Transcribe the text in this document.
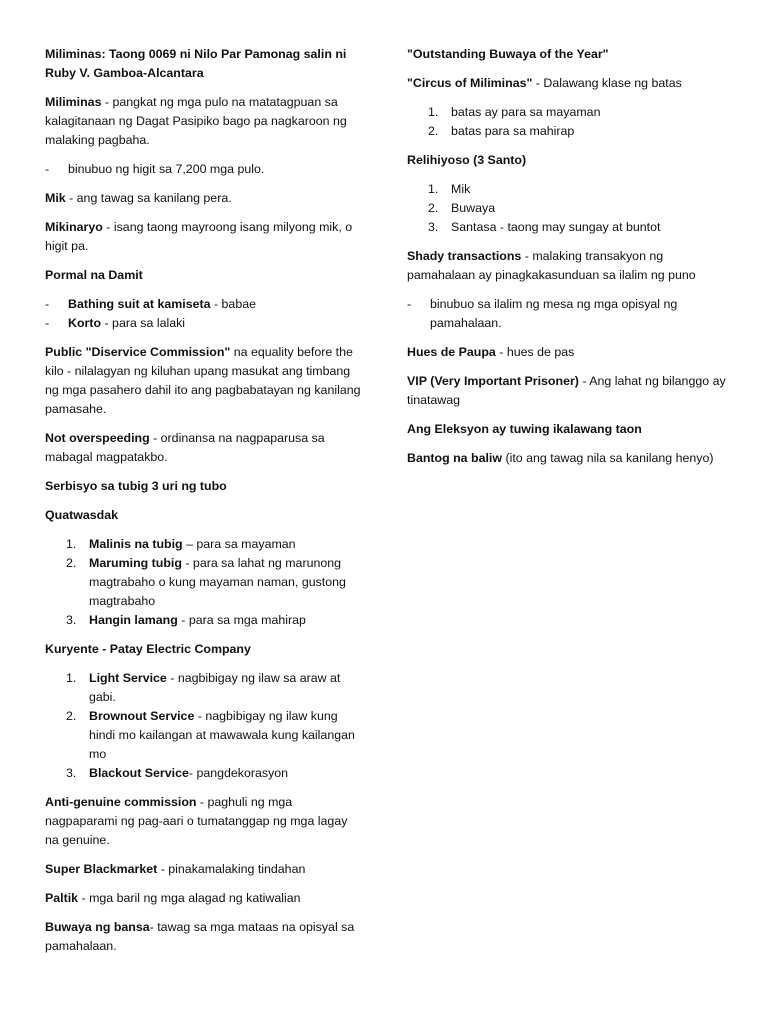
Miliminas: Taong 0069 ni Nilo Par Pamonag salin ni Ruby V. Gamboa-Alcantara

Miliminas - pangkat ng mga pulo na matatagpuan sa kalagitanaan ng Dagat Pasipiko bago pa nagkaroon ng malaking pagbaha.

-	binubuo ng higit sa 7,200 mga pulo.

Mik - ang tawag sa kanilang pera.

Mikinaryo - isang taong mayroong isang milyong mik, o higit pa.

Pormal na Damit

-	Bathing suit at kamiseta - babae
-	Korto - para sa lalaki

Public "Diservice Commission" na equality before the kilo - nilalagyan ng kiluhan upang masukat ang timbang ng mga pasahero dahil ito ang pagbabatayan ng kanilang pamasahe.

Not overspeeding - ordinansa na nagpaparusa sa mabagal magpatakbo.

Serbisyo sa tubig 3 uri ng tubo

Quatwasdak

1.	Malinis na tubig – para sa mayaman
2.	Maruming tubig - para sa lahat ng marunong magtrabaho o kung mayaman naman, gustong magtrabaho
3.	Hangin lamang - para sa mga mahirap

Kuryente - Patay Electric Company

1.	Light Service - nagbibigay ng ilaw sa araw at gabi.
2.	Brownout Service - nagbibigay ng ilaw kung hindi mo kailangan at mawawala kung kailangan mo
3.	Blackout Service- pangdekorasyon

Anti-genuine commission - paghuli ng mga nagpaparami ng pag-aari o tumatanggap ng mga lagay na genuine.

Super Blackmarket - pinakamalaking tindahan

Paltik - mga baril ng mga alagad ng katiwalian

Buwaya ng bansa- tawag sa mga mataas na opisyal sa pamahalaan.

"Outstanding Buwaya of the Year"

"Circus of Miliminas" - Dalawang klase ng batas

1.	batas ay para sa mayaman
2.	batas para sa mahirap

Relihiyoso (3 Santo)

1.	Mik
2.	Buwaya
3.	Santasa - taong may sungay at buntot

Shady transactions - malaking transakyon ng pamahalaan ay pinagkakasunduan sa ilalim ng puno

-	binubuo sa ilalim ng mesa ng mga opisyal ng pamahalaan.

Hues de Paupa - hues de pas

VIP (Very Important Prisoner) - Ang lahat ng bilanggo ay tinatawag

Ang Eleksyon ay tuwing ikalawang taon

Bantog na baliw (ito ang tawag nila sa kanilang henyo)
